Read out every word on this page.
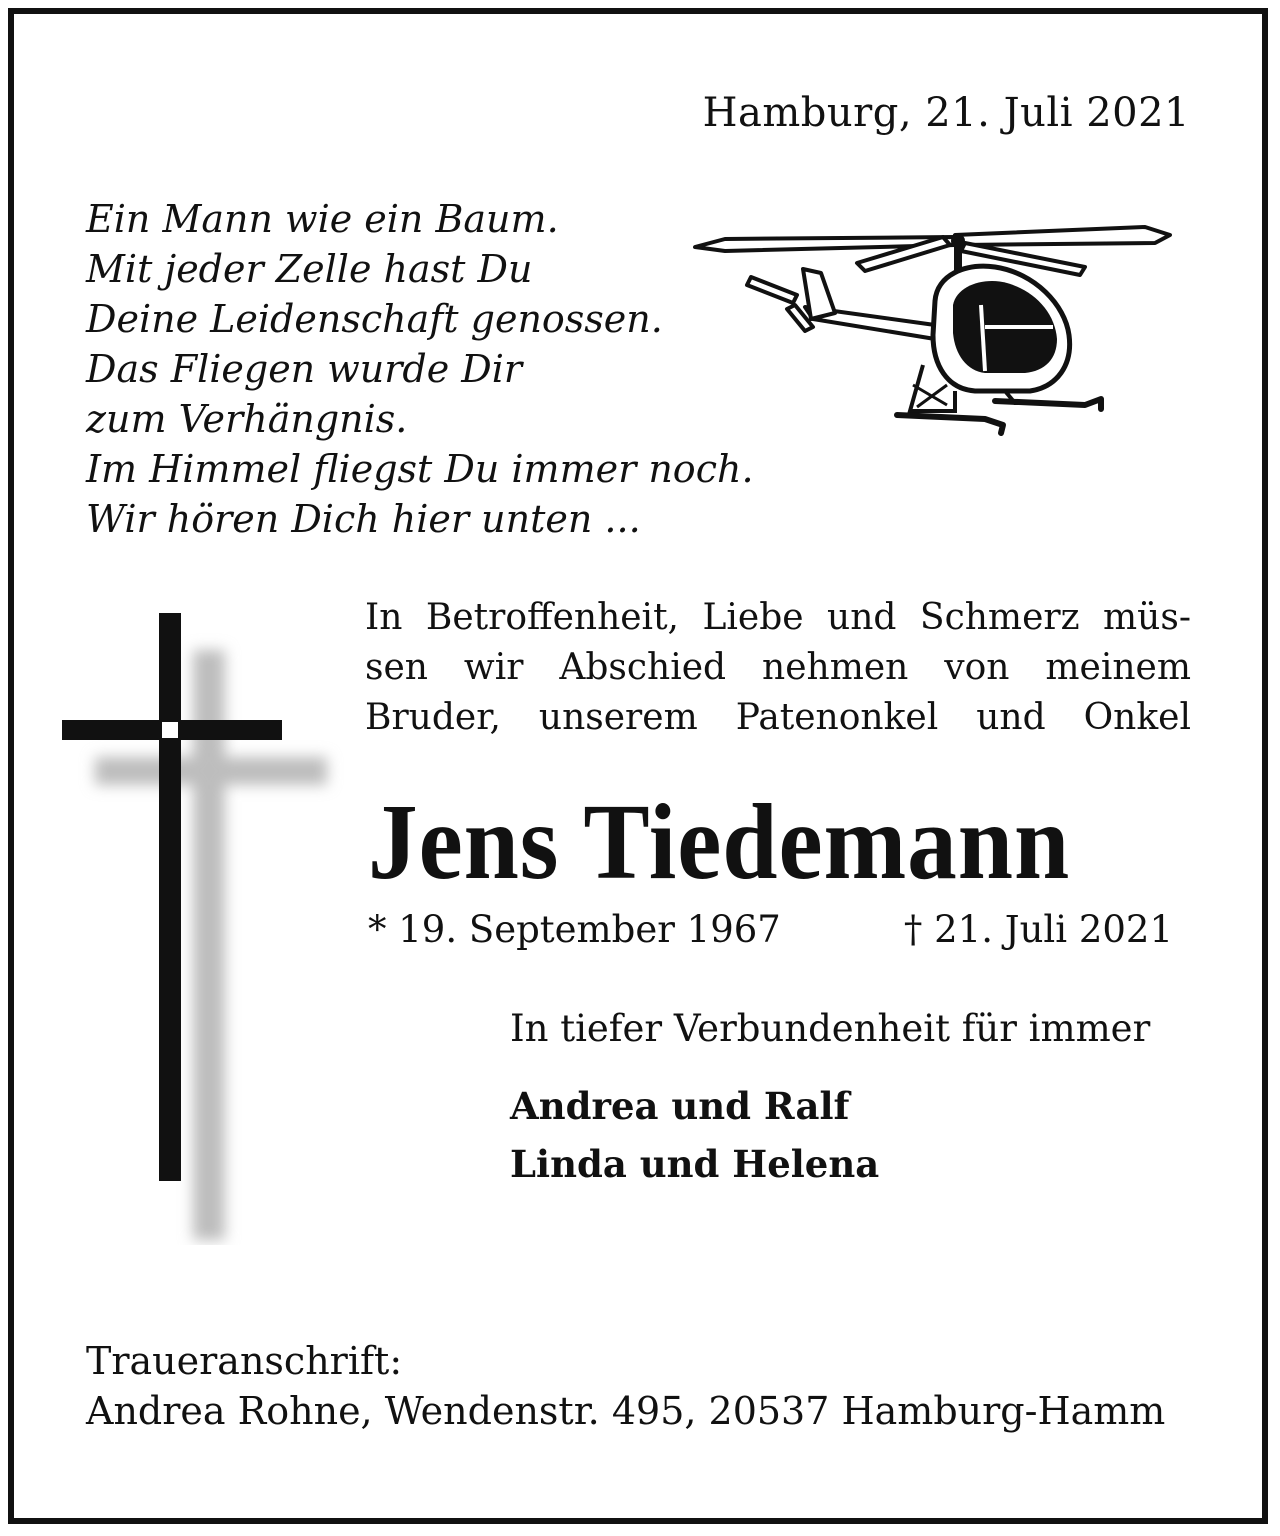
Hamburg, 21. Juli 2021
Ein Mann wie ein Baum.
Mit jeder Zelle hast Du
Deine Leidenschaft genossen.
Das Fliegen wurde Dir
zum Verhängnis.
Im Himmel fliegst Du immer noch.
Wir hören Dich hier unten ...
In Betroffenheit, Liebe und Schmerz müs-
sen wir Abschied nehmen von meinem
Bruder, unserem Patenonkel und Onkel
Jens Tiedemann
* 19. September 1967	† 21. Juli 2021
In tiefer Verbundenheit für immer
Andrea und Ralf
Linda und Helena
Traueranschrift:
Andrea Rohne, Wendenstr. 495, 20537 Hamburg-Hamm
